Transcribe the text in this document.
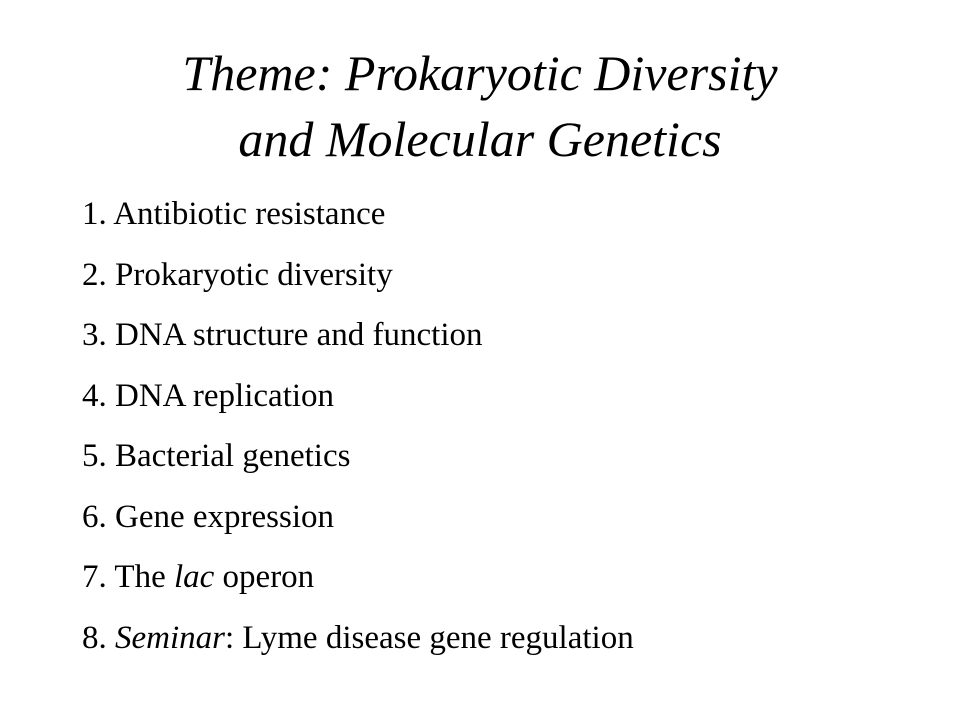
Theme: Prokaryotic Diversity
and Molecular Genetics
1. Antibiotic resistance
2. Prokaryotic diversity
3. DNA structure and function
4. DNA replication
5. Bacterial genetics
6. Gene expression
7. The lac operon
8. Seminar: Lyme disease gene regulation
